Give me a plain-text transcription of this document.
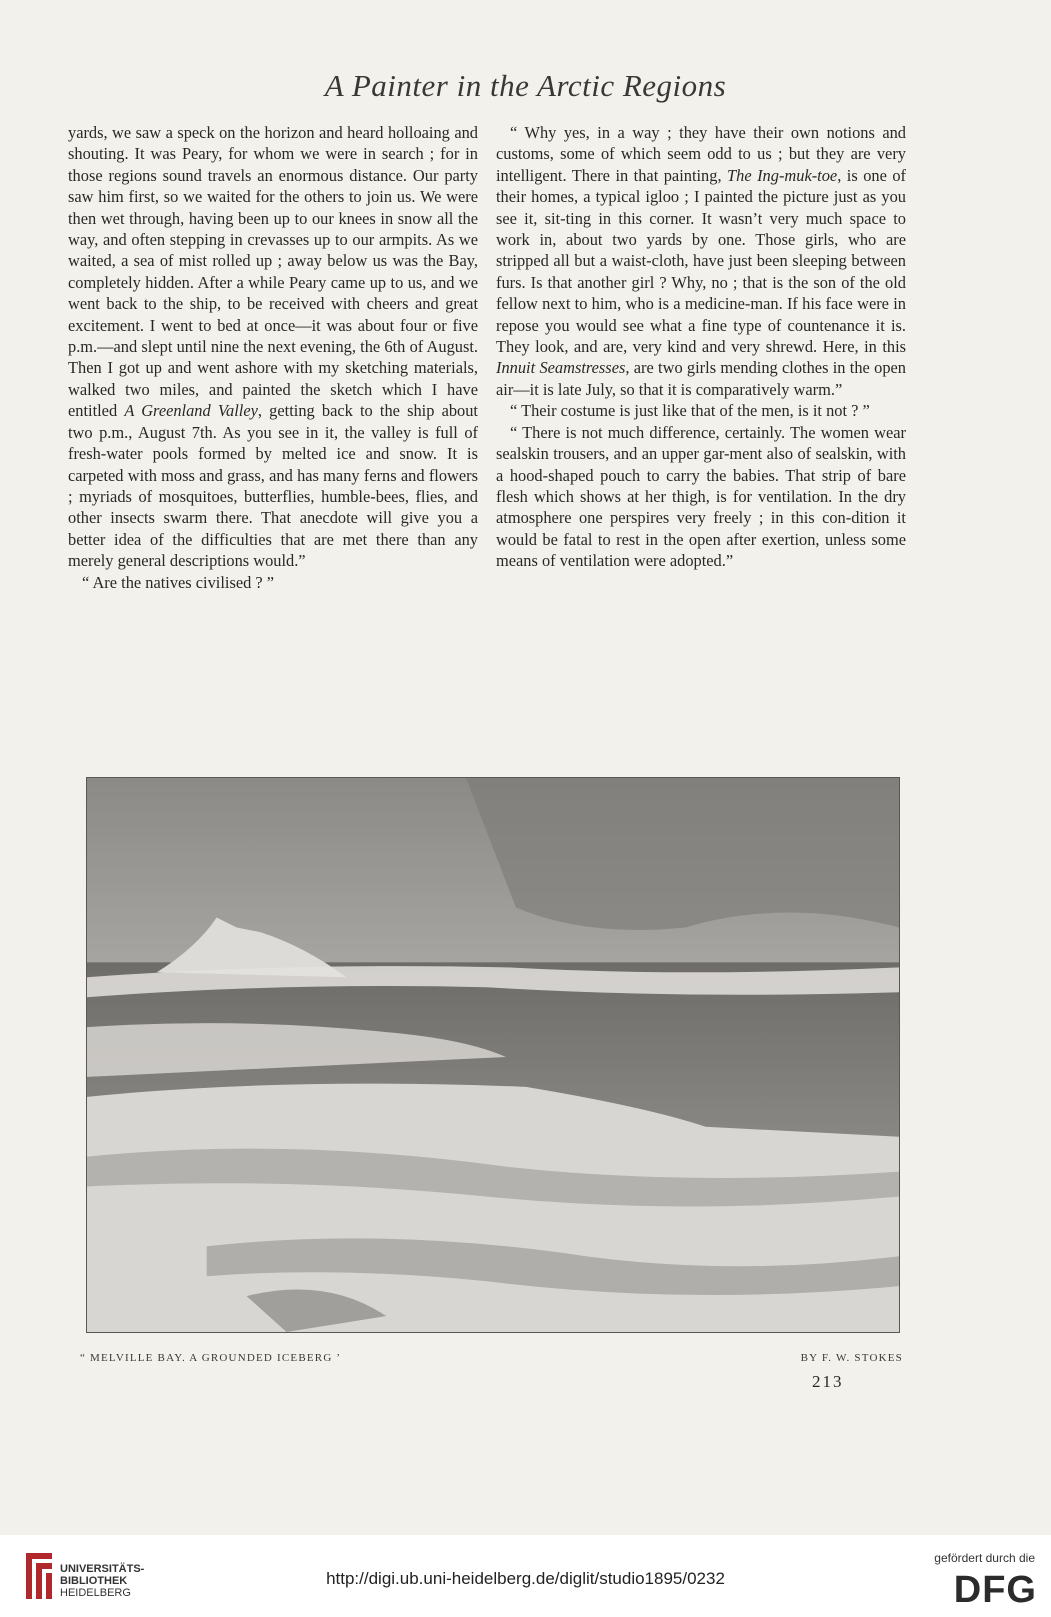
A Painter in the Arctic Regions

yards, we saw a speck on the horizon and heard holloaing and shouting. It was Peary, for whom we were in search ; for in those regions sound travels an enormous distance. Our party saw him first, so we waited for the others to join us. We were then wet through, having been up to our knees in snow all the way, and often stepping in crevasses up to our armpits. As we waited, a sea of mist rolled up ; away below us was the Bay, completely hidden. After a while Peary came up to us, and we went back to the ship, to be received with cheers and great excitement. I went to bed at once—it was about four or five p.m.—and slept until nine the next evening, the 6th of August. Then I got up and went ashore with my sketching materials, walked two miles, and painted the sketch which I have entitled A Greenland Valley, getting back to the ship about two p.m., August 7th. As you see in it, the valley is full of fresh-water pools formed by melted ice and snow. It is carpeted with moss and grass, and has many ferns and flowers ; myriads of mosquitoes, butterflies, humble-bees, flies, and other insects swarm there. That anecdote will give you a better idea of the difficulties that are met there than any merely general descriptions would.”

“ Are the natives civilised ? ”

“ Why yes, in a way ; they have their own notions and customs, some of which seem odd to us ; but they are very intelligent. There in that painting, The Ing-muk-toe, is one of their homes, a typical igloo ; I painted the picture just as you see it, sit-ting in this corner. It wasn’t very much space to work in, about two yards by one. Those girls, who are stripped all but a waist-cloth, have just been sleeping between furs. Is that another girl ? Why, no ; that is the son of the old fellow next to him, who is a medicine-man. If his face were in repose you would see what a fine type of countenance it is. They look, and are, very kind and very shrewd. Here, in this Innuit Seamstresses, are two girls mending clothes in the open air—it is late July, so that it is comparatively warm.”

“ Their costume is just like that of the men, is it not ? ”

“ There is not much difference, certainly. The women wear sealskin trousers, and an upper gar-ment also of sealskin, with a hood-shaped pouch to carry the babies. That strip of bare flesh which shows at her thigh, is for ventilation. In the dry atmosphere one perspires very freely ; in this con-dition it would be fatal to rest in the open after exertion, unless some means of ventilation were adopted.”

“ MELVILLE BAY. A GROUNDED ICEBERG ’	BY F. W. STOKES
213
UNIVERSITÄTS-
BIBLIOTHEK
HEIDELBERG
http://digi.ub.uni-heidelberg.de/diglit/studio1895/0232
gefördert durch die
DFG
